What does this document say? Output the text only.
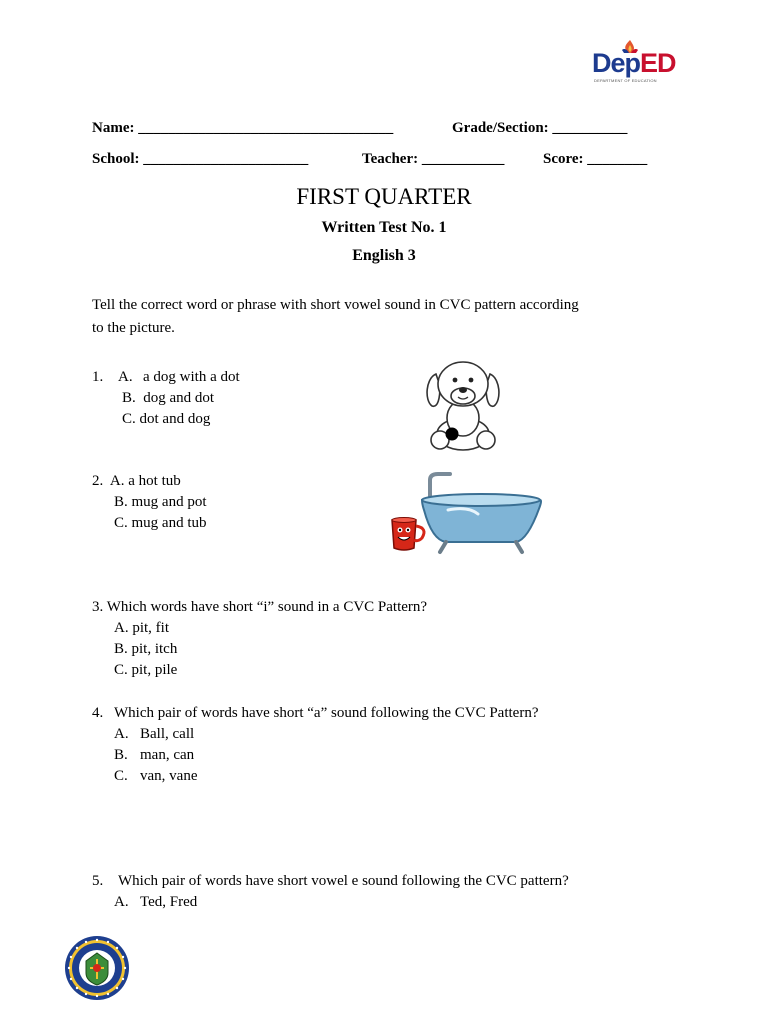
DepED
DEPARTMENT OF EDUCATION
Name: __________________________________	Grade/Section: __________
School: ______________________	Teacher: ___________	Score: ________
FIRST QUARTER
Written Test No. 1
English 3
Tell the correct word or phrase with short vowel sound in CVC pattern according
to the picture.
1. A. a dog with a dot
B.  dog and dot
C. dot and dog
2.  A. a hot tub
B. mug and pot
C. mug and tub
3. Which words have short “i” sound in a CVC Pattern?
A. pit, fit
B. pit, itch
C. pit, pile
4. Which pair of words have short “a” sound following the CVC Pattern?
A. Ball, call
B. man, can
C. van, vane
5. Which pair of words have short vowel e sound following the CVC pattern?
A. Ted, Fred
